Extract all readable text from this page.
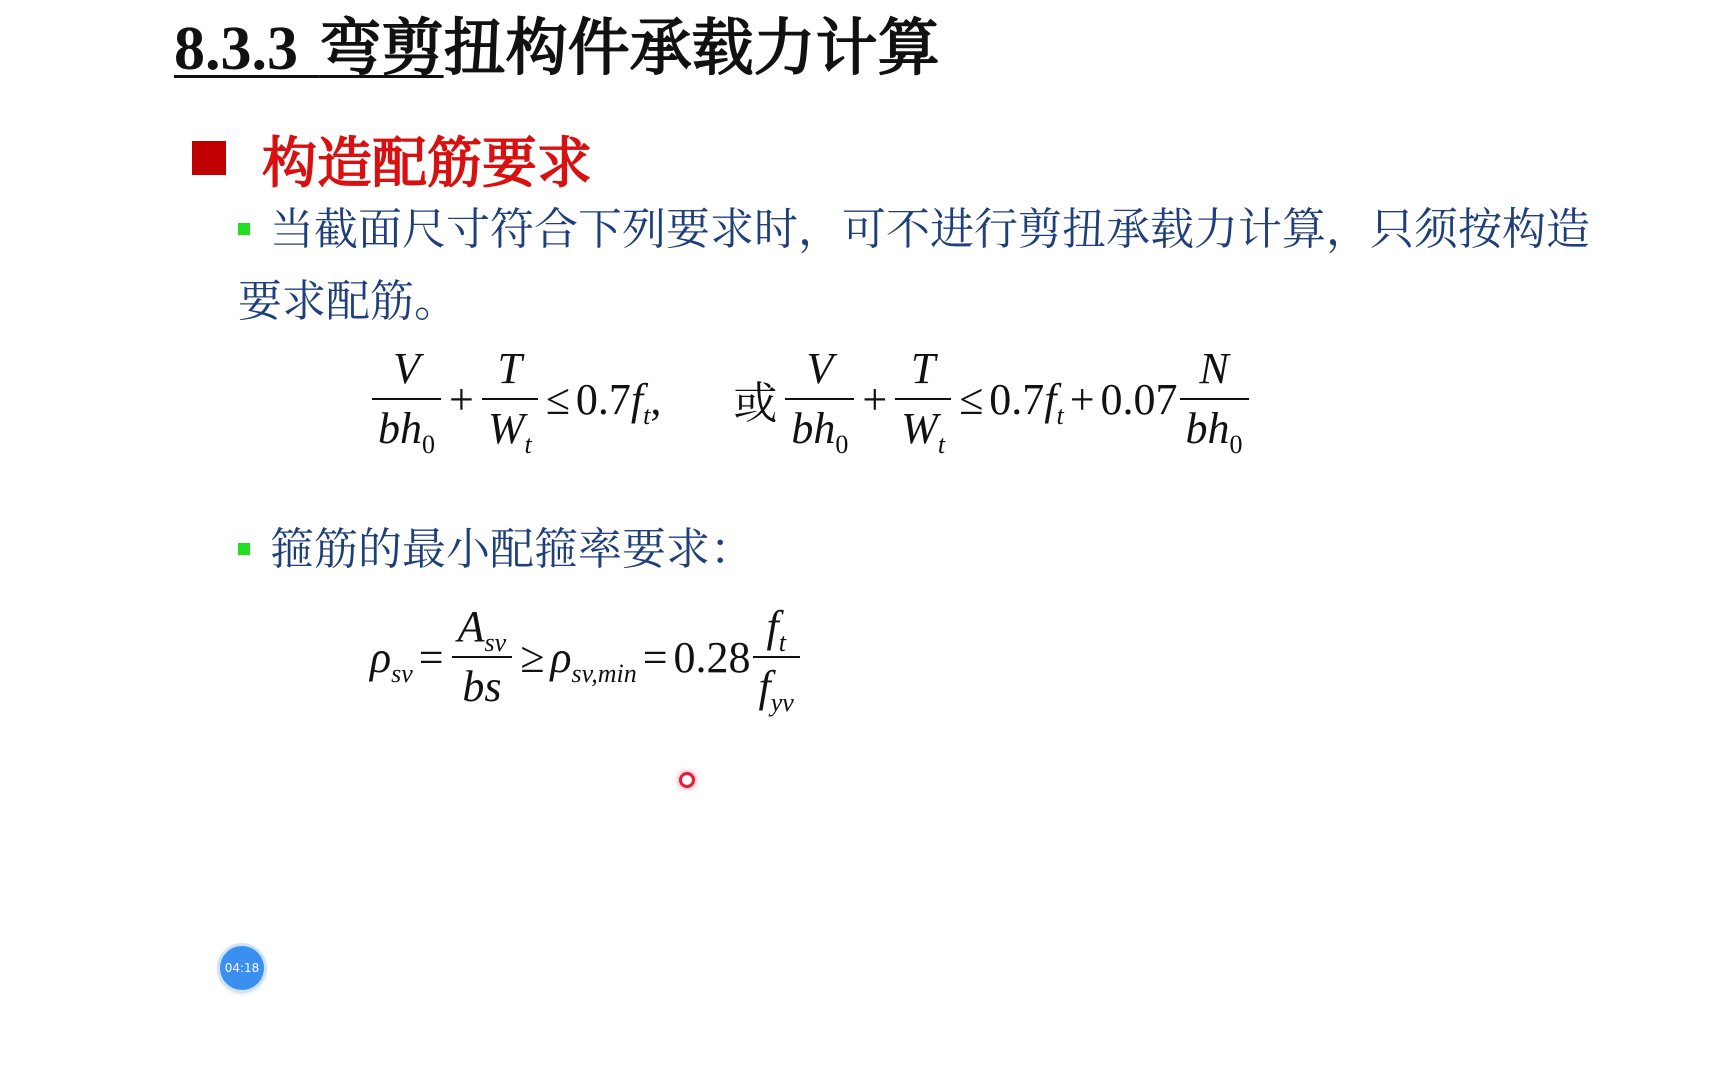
8.3.3 弯剪扭构件承载力计算
构造配筋要求
当截面尺寸符合下列要求时，可不进行剪扭承载力计算，只须按构造要求配筋。
$\frac{V}{bh_0} + \frac{T}{W_t} \le 0.7f_t$, 或 $\frac{V}{bh_0} + \frac{T}{W_t} \le 0.7f_t + 0.07 \frac{N}{bh_0}$
箍筋的最小配箍率要求：
$\rho_{sv} = \frac{A_{sv}}{bs} \ge \rho_{sv,min} = 0.28 \frac{f_t}{f_{yv}}$
04:18
